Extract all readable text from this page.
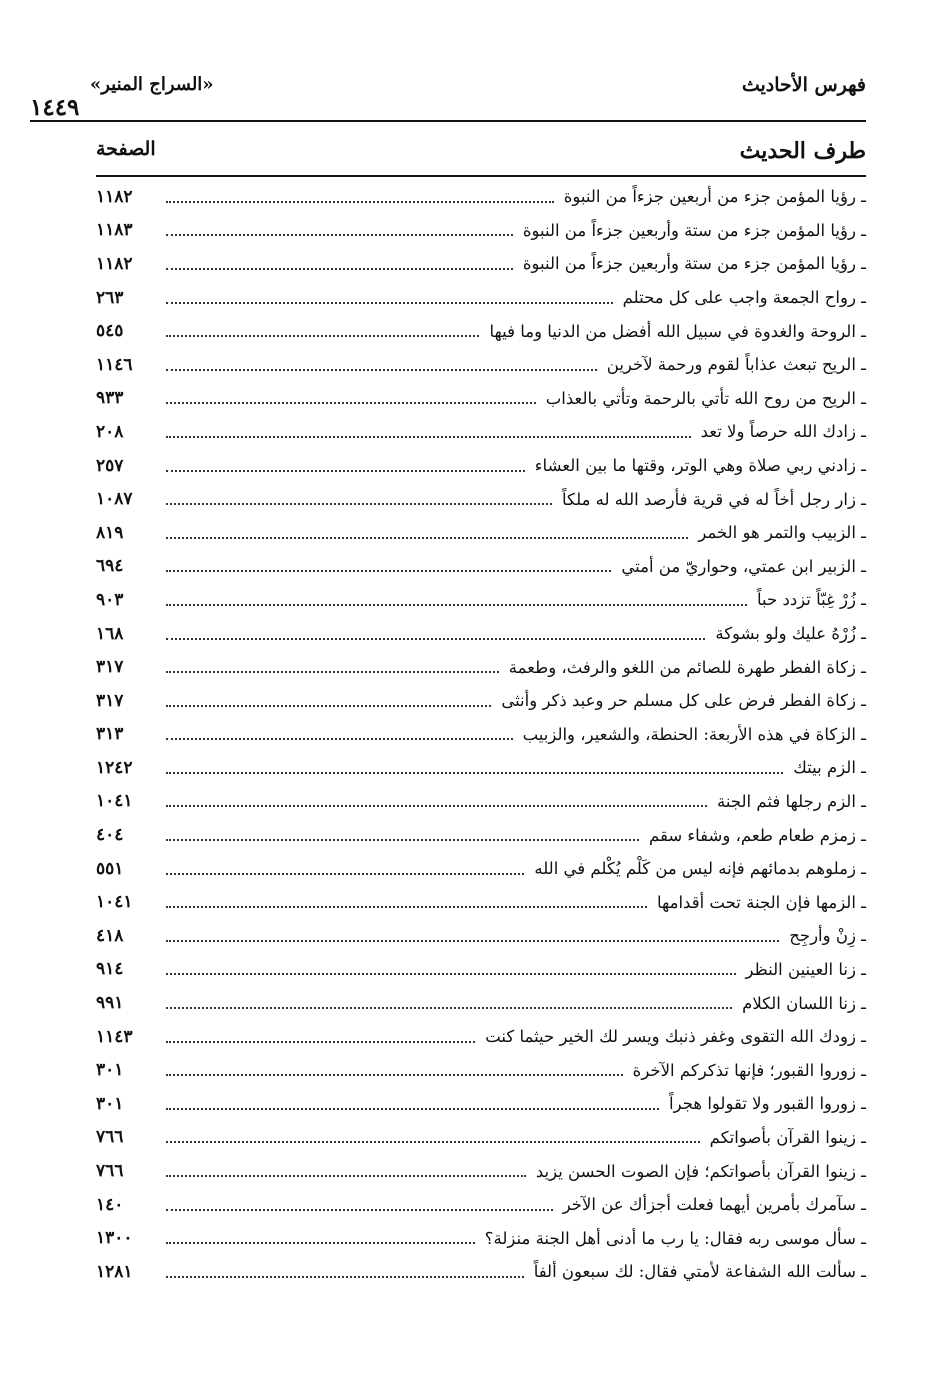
فهرس الأحاديث
«السراج المنير»
١٤٤٩
طرف الحديث
الصفحة
ـ رؤيا المؤمن جزء من أربعين جزءاً من النبوة
١١٨٢
ـ رؤيا المؤمن جزء من ستة وأربعين جزءاً من النبوة
١١٨٣
ـ رؤيا المؤمن جزء من ستة وأربعين جزءاً من النبوة
١١٨٢
ـ رواح الجمعة واجب على كل محتلم
٢٦٣
ـ الروحة والغدوة في سبيل الله أفضل من الدنيا وما فيها
٥٤٥
ـ الريح تبعث عذاباً لقوم ورحمة لآخرين
١١٤٦
ـ الريح من روح الله تأتي بالرحمة وتأتي بالعذاب
٩٣٣
ـ زادك الله حرصاً ولا تعد
٢٠٨
ـ زادني ربي صلاة وهي الوتر، وقتها ما بين العشاء
٢٥٧
ـ زار رجل أخاً له في قرية فأرصد الله له ملكاً
١٠٨٧
ـ الزبيب والتمر هو الخمر
٨١٩
ـ الزبير ابن عمتي، وحواريّ من أمتي
٦٩٤
ـ زُرْ غِبّاً تزدد حباً
٩٠٣
ـ زُرْهُ عليك ولو بشوكة
١٦٨
ـ زكاة الفطر طهرة للصائم من اللغو والرفث، وطعمة
٣١٧
ـ زكاة الفطر فرض على كل مسلم حر وعبد ذكر وأنثى
٣١٧
ـ الزكاة في هذه الأربعة: الحنطة، والشعير، والزبيب
٣١٣
ـ الزم بيتك
١٢٤٢
ـ الزم رجلها فثم الجنة
١٠٤١
ـ زمزم طعام طعم، وشفاء سقم
٤٠٤
ـ زملوهم بدمائهم فإنه ليس من كَلْم يُكْلم في الله
٥٥١
ـ الزمها فإن الجنة تحت أقدامها
١٠٤١
ـ زِنْ وأرجِح
٤١٨
ـ زنا العينين النظر
٩١٤
ـ زنا اللسان الكلام
٩٩١
ـ زودك الله التقوى وغفر ذنبك ويسر لك الخير حيثما كنت
١١٤٣
ـ زوروا القبور؛ فإنها تذكركم الآخرة
٣٠١
ـ زوروا القبور ولا تقولوا هجراً
٣٠١
ـ زينوا القرآن بأصواتكم
٧٦٦
ـ زينوا القرآن بأصواتكم؛ فإن الصوت الحسن يزيد
٧٦٦
ـ سآمرك بأمرين أيهما فعلت أجزأك عن الآخر
١٤٠
ـ سأل موسى ربه فقال: يا رب ما أدنى أهل الجنة منزلة؟
١٣٠٠
ـ سألت الله الشفاعة لأمتي فقال: لك سبعون ألفاً
١٢٨١
